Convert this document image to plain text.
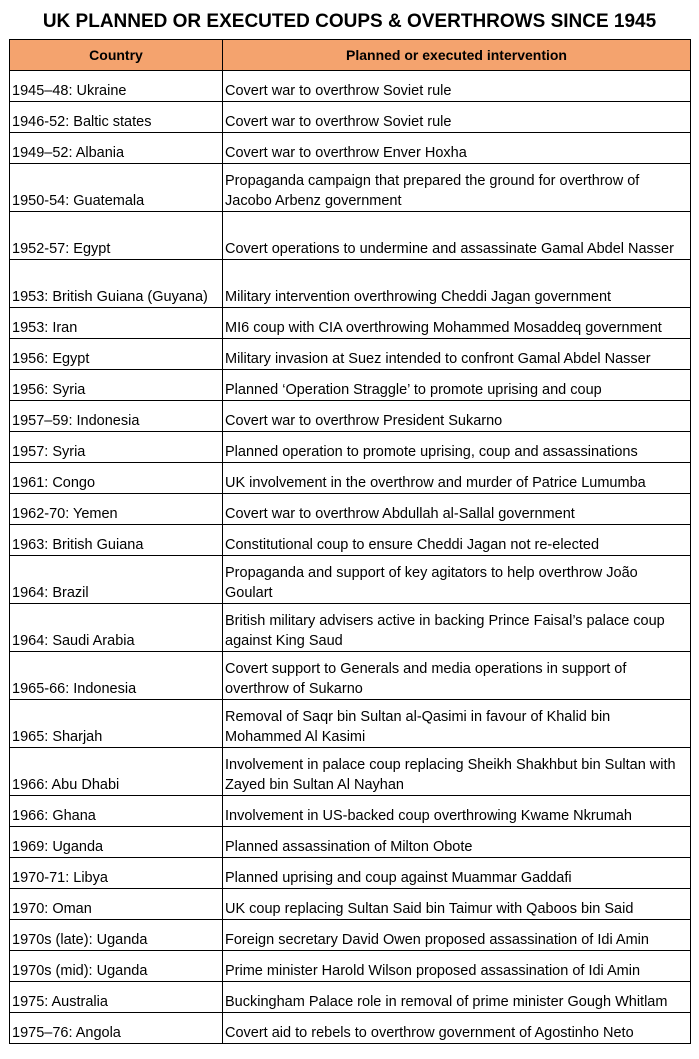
UK PLANNED OR EXECUTED COUPS & OVERTHROWS SINCE 1945
Country	Planned or executed intervention
1945–48: Ukraine	Covert war to overthrow Soviet rule
1946-52: Baltic states	Covert war to overthrow Soviet rule
1949–52: Albania	Covert war to overthrow Enver Hoxha
1950-54: Guatemala	Propaganda campaign that prepared the ground for overthrow of Jacobo Arbenz government
1952-57: Egypt	Covert operations to undermine and assassinate Gamal Abdel Nasser
1953: British Guiana (Guyana)	Military intervention overthrowing Cheddi Jagan government
1953: Iran	MI6 coup with CIA overthrowing Mohammed Mosaddeq government
1956: Egypt	Military invasion at Suez intended to confront Gamal Abdel Nasser
1956: Syria	Planned ‘Operation Straggle’ to promote uprising and coup
1957–59: Indonesia	Covert war to overthrow President Sukarno
1957: Syria	Planned operation to promote uprising, coup and assassinations
1961: Congo	UK involvement in the overthrow and murder of Patrice Lumumba
1962-70: Yemen	Covert war to overthrow Abdullah al-Sallal government
1963: British Guiana	Constitutional coup to ensure Cheddi Jagan not re-elected
1964: Brazil	Propaganda and support of key agitators to help overthrow João Goulart
1964: Saudi Arabia	British military advisers active in backing Prince Faisal’s palace coup against King Saud
1965-66: Indonesia	Covert support to Generals and media operations in support of overthrow of Sukarno
1965: Sharjah	Removal of Saqr bin Sultan al-Qasimi in favour of Khalid bin Mohammed Al Kasimi
1966: Abu Dhabi	Involvement in palace coup replacing Sheikh Shakhbut bin Sultan with Zayed bin Sultan Al Nayhan
1966: Ghana	Involvement in US-backed coup overthrowing Kwame Nkrumah
1969: Uganda	Planned assassination of Milton Obote
1970-71: Libya	Planned uprising and coup against Muammar Gaddafi
1970: Oman	UK coup replacing Sultan Said bin Taimur with Qaboos bin Said
1970s (late): Uganda	Foreign secretary David Owen proposed assassination of Idi Amin
1970s (mid): Uganda	Prime minister Harold Wilson proposed assassination of Idi Amin
1975: Australia	Buckingham Palace role in removal of prime minister Gough Whitlam
1975–76: Angola	Covert aid to rebels to overthrow government of Agostinho Neto
